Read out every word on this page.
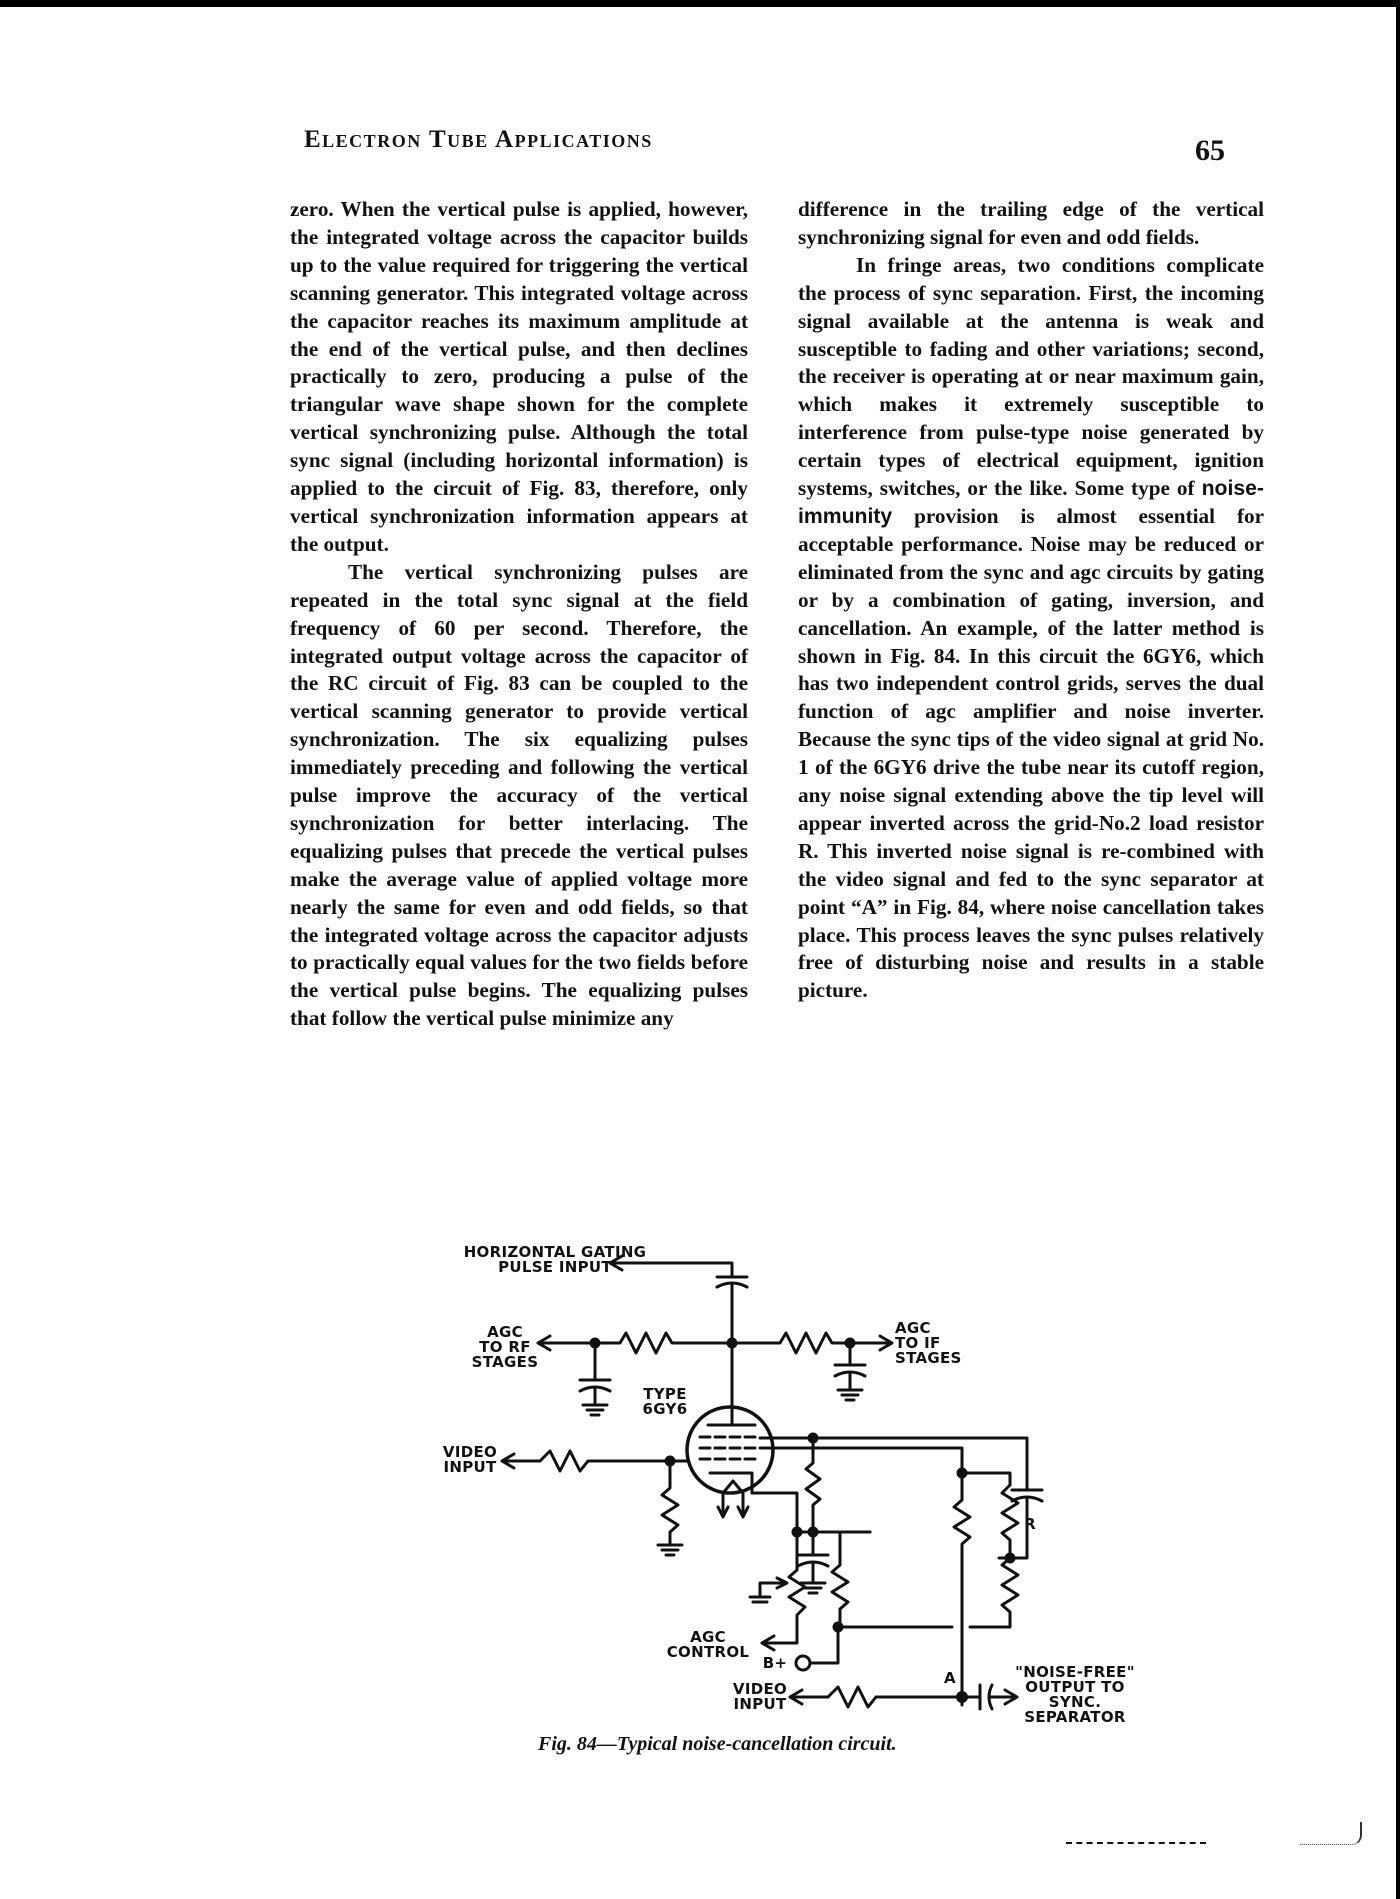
Electron Tube Applications	65

zero. When the vertical pulse is applied, however, the integrated voltage across the capacitor builds up to the value required for triggering the vertical scanning generator. This integrated voltage across the capacitor reaches its maximum amplitude at the end of the vertical pulse, and then declines practically to zero, producing a pulse of the triangular wave shape shown for the complete vertical synchronizing pulse. Although the total sync signal (including horizontal information) is applied to the circuit of Fig. 83, therefore, only vertical synchronization information appears at the output.

The vertical synchronizing pulses are repeated in the total sync signal at the field frequency of 60 per second. Therefore, the integrated output voltage across the capacitor of the RC circuit of Fig. 83 can be coupled to the vertical scanning generator to provide vertical synchronization. The six equalizing pulses immediately preceding and following the vertical pulse improve the accuracy of the vertical synchronization for better interlacing. The equalizing pulses that precede the vertical pulses make the average value of applied voltage more nearly the same for even and odd fields, so that the integrated voltage across the capacitor adjusts to practically equal values for the two fields before the vertical pulse begins. The equalizing pulses that follow the vertical pulse minimize any

difference in the trailing edge of the vertical synchronizing signal for even and odd fields.

In fringe areas, two conditions complicate the process of sync separation. First, the incoming signal available at the antenna is weak and susceptible to fading and other variations; second, the receiver is operating at or near maximum gain, which makes it extremely susceptible to interference from pulse-type noise generated by certain types of electrical equipment, ignition systems, switches, or the like. Some type of noise-immunity provision is almost essential for acceptable performance. Noise may be reduced or eliminated from the sync and agc circuits by gating or by a combination of gating, inversion, and cancellation. An example, of the latter method is shown in Fig. 84. In this circuit the 6GY6, which has two independent control grids, serves the dual function of agc amplifier and noise inverter. Because the sync tips of the video signal at grid No. 1 of the 6GY6 drive the tube near its cutoff region, any noise signal extending above the tip level will appear inverted across the grid-No.2 load resistor R. This inverted noise signal is re-combined with the video signal and fed to the sync separator at point “A” in Fig. 84, where noise cancellation takes place. This process leaves the sync pulses relatively free of disturbing noise and results in a stable picture.

HORIZONTAL GATING
PULSE INPUT
AGC
TO RF
STAGES
AGC
TO IF
STAGES
TYPE
6GY6
VIDEO
INPUT
R
AGC
CONTROL
B+
A
VIDEO
INPUT
"NOISE-FREE"
OUTPUT TO
SYNC.
SEPARATOR
Fig. 84—Typical noise-cancellation circuit.
